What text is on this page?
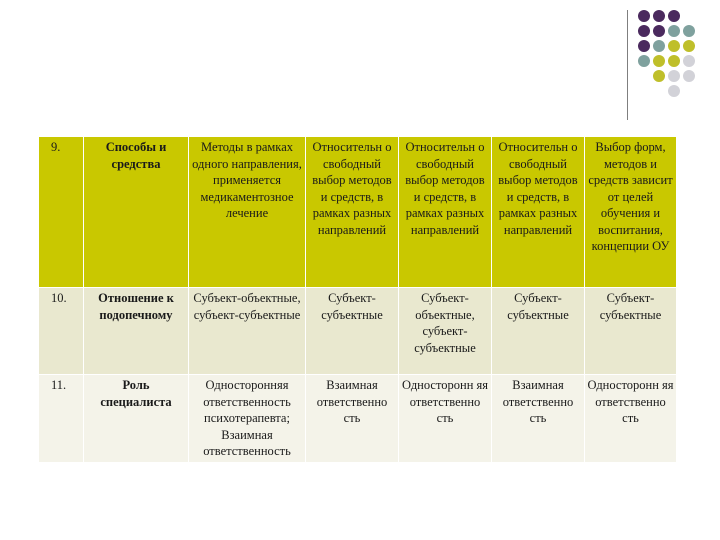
9.	Способы и средства	Методы в рамках одного направления, применяется медикаментозное лечение	Относительн о свободный выбор методов и средств, в рамках разных направлений	Относительн о свободный выбор методов и средств, в рамках разных направлений	Относительн о свободный выбор методов и средств, в рамках разных направлений	Выбор форм, методов и средств зависит от целей обучения и воспитания, концепции ОУ
10.	Отношение к подопечному	Субъект-объектные, субъект-субъектные	Субъект-субъектные	Субъект-объектные, субъект-субъектные	Субъект-субъектные	Субъект-субъектные
11.	Роль специалиста	Односторонняя ответственность психотерапевта; Взаимная ответственность	Взаимная ответственно сть	Односторонн яя ответственно сть	Взаимная ответственно сть	Односторонн яя ответственно сть
